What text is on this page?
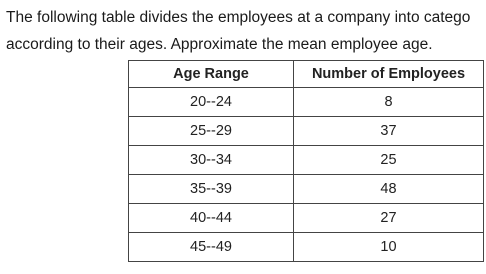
The following table divides the employees at a company into catego
according to their ages. Approximate the mean employee age.
Age Range	Number of Employees
20--24	8
25--29	37
30--34	25
35--39	48
40--44	27
45--49	10
